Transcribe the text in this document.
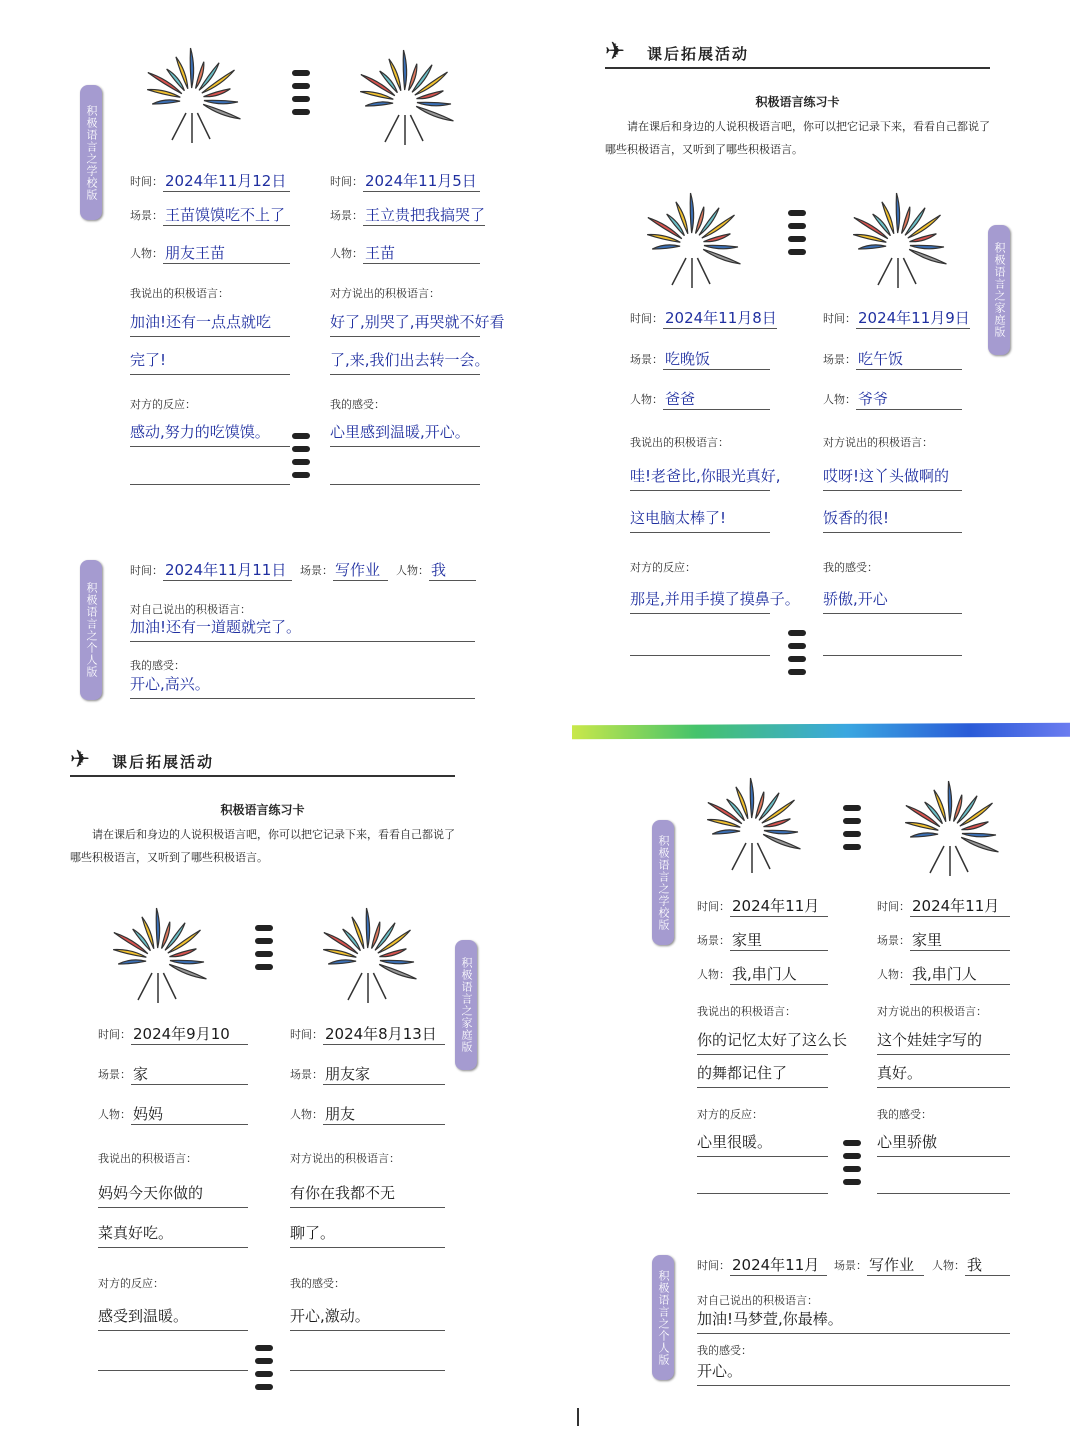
积极语言之学校版	时间： 2024年11月12日
场景： 王苗馍馍吃不上了
人物： 朋友王苗
我说出的积极语言：
加油!还有一点点就吃
完了!
对方的反应：
感动,努力的吃馍馍。
时间： 2024年11月5日
场景： 王立贵把我搞哭了
人物： 王苗
对方说出的积极语言：
好了,别哭了,再哭就不好看
了,来,我们出去转一会。
我的感受：
心里感到温暖,开心。
积极语言之个人版
时间： 2024年11月11日	场景： 写作业	人物： 我
对自己说出的积极语言：
加油!还有一道题就完了。
我的感受：
开心,高兴。
✈ 课后拓展活动
积极语言练习卡
请在课后和身边的人说积极语言吧，你可以把它记录下来，看看自己都说了哪些积极语言，又听到了哪些积极语言。
积极语言之家庭版
时间： 2024年11月8日
场景： 吃晚饭
人物： 爸爸
我说出的积极语言：
哇!老爸比,你眼光真好,
这电脑太棒了!
对方的反应：
那是,并用手摸了摸鼻子。
时间： 2024年11月9日
场景： 吃午饭
人物： 爷爷
对方说出的积极语言：
哎呀!这丫头做啊的
饭香的很!
我的感受：
骄傲,开心
✈ 课后拓展活动
积极语言练习卡
请在课后和身边的人说积极语言吧，你可以把它记录下来，看看自己都说了哪些积极语言，又听到了哪些积极语言。
积极语言之家庭版
时间： 2024年9月10
场景： 家
人物： 妈妈
我说出的积极语言：
妈妈今天你做的
菜真好吃。
对方的反应：
感受到温暖。
时间： 2024年8月13日
场景： 朋友家
人物： 朋友
对方说出的积极语言：
有你在我都不无
聊了。
我的感受：
开心,激动。
积极语言之学校版	时间： 2024年11月
场景： 家里
人物： 我,串门人
我说出的积极语言：
你的记忆太好了这么长
的舞都记住了
对方的反应：
心里很暖。
时间： 2024年11月
场景： 家里
人物： 我,串门人
对方说出的积极语言：
这个娃娃字写的
真好。
我的感受：
心里骄傲
积极语言之个人版
时间： 2024年11月	场景： 写作业	人物： 我
对自己说出的积极语言：
加油!马梦萱,你最棒。
我的感受：
开心。
